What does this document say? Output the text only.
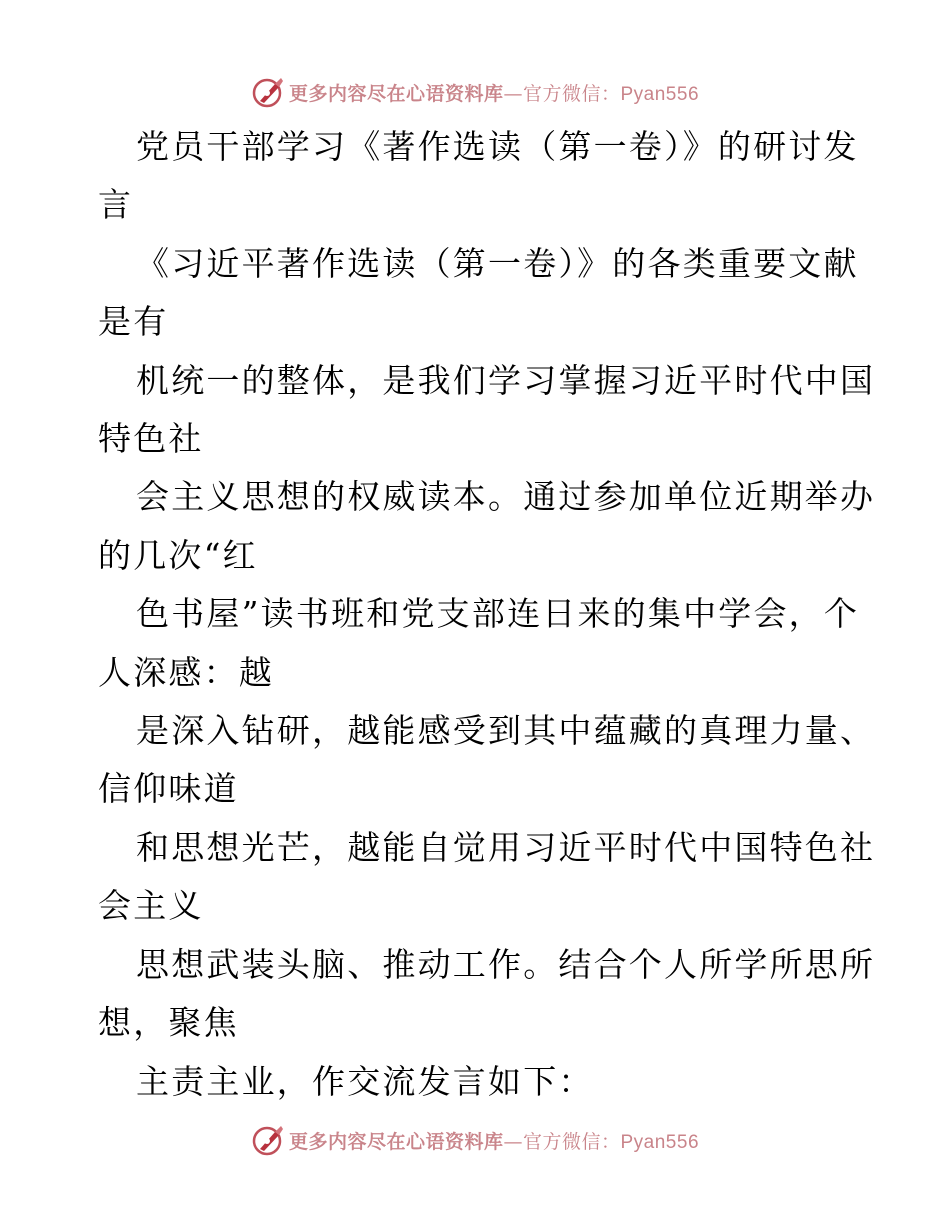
更多内容尽在心语资料库—官方微信：Pyan556
党员干部学习《著作选读（第一卷）》的研讨发
言
《习近平著作选读（第一卷）》的各类重要文献
是有
机统一的整体，是我们学习掌握习近平时代中国
特色社
会主义思想的权威读本。通过参加单位近期举办
的几次“红
色书屋”读书班和党支部连日来的集中学会，个
人深感：越
是深入钻研，越能感受到其中蕴藏的真理力量、
信仰味道
和思想光芒，越能自觉用习近平时代中国特色社
会主义
思想武装头脑、推动工作。结合个人所学所思所
想，聚焦
主责主业，作交流发言如下：
更多内容尽在心语资料库—官方微信：Pyan556
